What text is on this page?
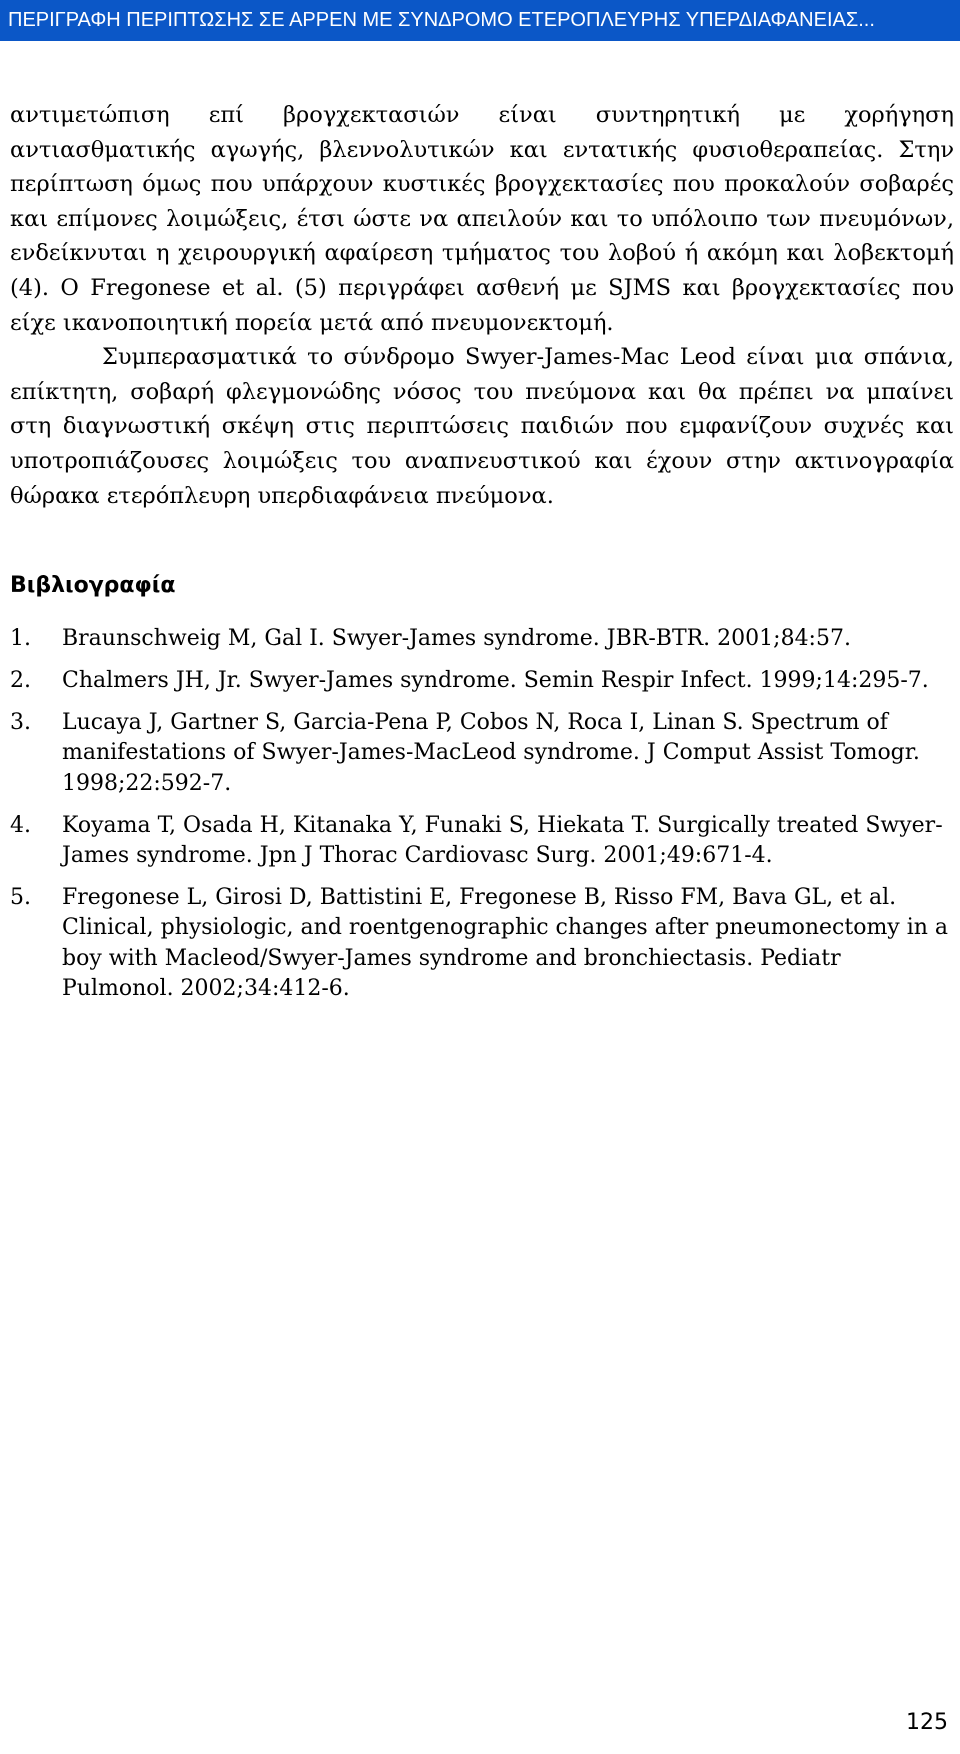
ΠΕΡΙΓΡΑΦΗ ΠΕΡΙΠΤΩΣΗΣ ΣΕ ΑΡΡΕΝ ΜΕ ΣΥΝΔΡΟΜΟ ΕΤΕΡΟΠΛΕΥΡΗΣ ΥΠΕΡΔΙΑΦΑΝΕΙΑΣ...

αντιμετώπιση επί βρογχεκτασιών είναι συντηρητική με χορήγηση αντιασθματικής αγωγής, βλεννολυτικών και εντατικής φυσιοθεραπείας. Στην περίπτωση όμως που υπάρχουν κυστικές βρογχεκτασίες που προκαλούν σοβαρές και επίμονες λοιμώξεις, έτσι ώστε να απειλούν και το υπόλοιπο των πνευμόνων, ενδείκνυται η χειρουργική αφαίρεση τμήματος του λοβού ή ακόμη και λοβεκτομή (4). O Fregonese et al. (5) περιγράφει ασθενή με SJMS και βρογχεκτασίες που είχε ικανοποιητική πορεία μετά από πνευμονεκτομή.

Συμπερασματικά το σύνδρομο Swyer-James-Mac Leod είναι μια σπάνια, επίκτητη, σοβαρή φλεγμονώδης νόσος του πνεύμονα και θα πρέπει να μπαίνει στη διαγνωστική σκέψη στις περιπτώσεις παιδιών που εμφανίζουν συχνές και υποτροπιάζουσες λοιμώξεις του αναπνευστικού και έχουν στην ακτινογραφία θώρακα ετερόπλευρη υπερδιαφάνεια πνεύμονα.

Βιβλιογραφία
1. Braunschweig M, Gal I. Swyer-James syndrome. JBR-BTR. 2001;84:57.
2. Chalmers JH, Jr. Swyer-James syndrome. Semin Respir Infect. 1999;14:295-7.
3. Lucaya J, Gartner S, Garcia-Pena P, Cobos N, Roca I, Linan S. Spectrum of manifestations of Swyer-James-MacLeod syndrome. J Comput Assist Tomogr. 1998;22:592-7.
4. Koyama T, Osada H, Kitanaka Y, Funaki S, Hiekata T. Surgically treated Swyer-James syndrome. Jpn J Thorac Cardiovasc Surg. 2001;49:671-4.
5. Fregonese L, Girosi D, Battistini E, Fregonese B, Risso FM, Bava GL, et al. Clinical, physiologic, and roentgenographic changes after pneumonectomy in a boy with Macleod/Swyer-James syndrome and bronchiectasis. Pediatr Pulmonol. 2002;34:412-6.
125
